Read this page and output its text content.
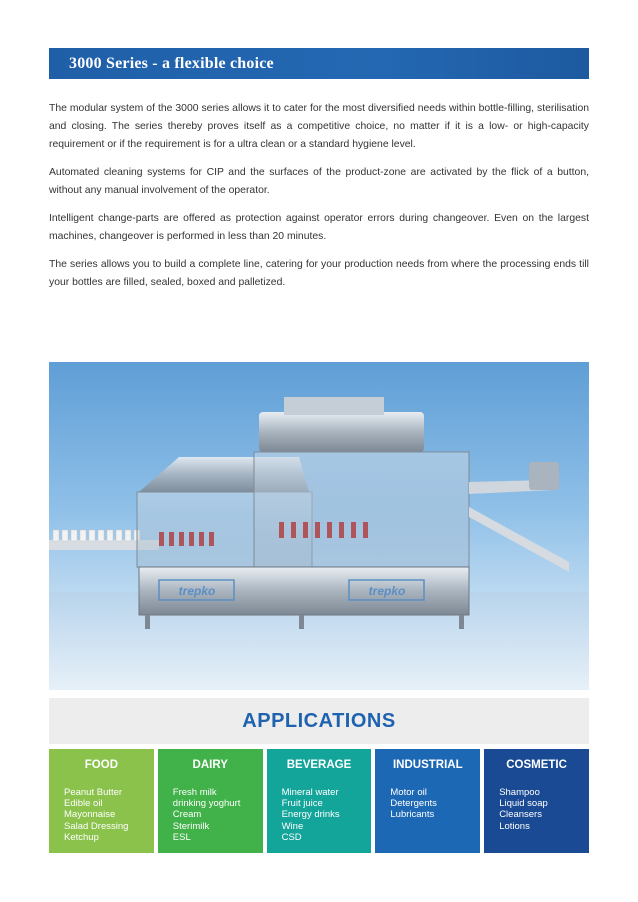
3000 Series - a flexible choice

The modular system of the 3000 series allows it to cater for the most diversified needs within bottle-filling, sterilisation and closing. The series thereby proves itself as a competitive choice, no matter if it is a low- or high-capacity requirement or if the requirement is for a ultra clean or a standard hygiene level.

Automated cleaning systems for CIP and the surfaces of the product-zone are activated by the flick of a button, without any manual involvement of the operator.

Intelligent change-parts are offered as protection against operator errors during changeover. Even on the largest machines, changeover is performed in less than 20 minutes.

The series allows you to build a complete line, catering for your production needs from where the processing ends till your bottles are filled, sealed, boxed and palletized.

trepko	trepko
APPLICATIONS
FOOD
Peanut Butter
Edible oil
Mayonnaise
Salad Dressing
Ketchup
DAIRY
Fresh milk
drinking yoghurt
Cream
Sterimilk
ESL
BEVERAGE
Mineral water
Fruit juice
Energy drinks
Wine
CSD
INDUSTRIAL
Motor oil
Detergents
Lubricants
COSMETIC
Shampoo
Liquid soap
Cleansers
Lotions
